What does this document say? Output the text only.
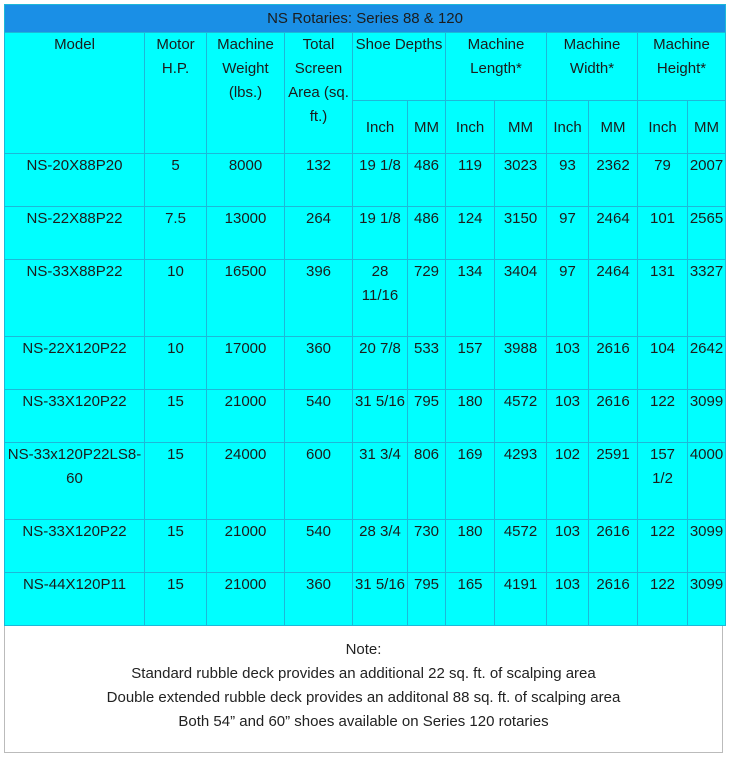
NS Rotaries: Series 88 & 120											
Model	Motor H.P.	Machine Weight (lbs.)	Total Screen Area (sq. ft.)	Shoe Depths		Machine Length*		Machine Width*		Machine Height*	
				Inch	MM	Inch	MM	Inch	MM	Inch	MM
NS-20X88P20	5	8000	132	19 1/8	486	119	3023	93	2362	79	2007
NS-22X88P22	7.5	13000	264	19 1/8	486	124	3150	97	2464	101	2565
NS-33X88P22	10	16500	396	28 11/16	729	134	3404	97	2464	131	3327
NS-22X120P22	10	17000	360	20 7/8	533	157	3988	103	2616	104	2642
NS-33X120P22	15	21000	540	31 5/16	795	180	4572	103	2616	122	3099
NS-33x120P22LS8-60	15	24000	600	31 3/4	806	169	4293	102	2591	157 1/2	4000
NS-33X120P22	15	21000	540	28 3/4	730	180	4572	103	2616	122	3099
NS-44X120P11	15	21000	360	31 5/16	795	165	4191	103	2616	122	3099
Note:
Standard rubble deck provides an additional 22 sq. ft. of scalping area
Double extended rubble deck provides an additonal 88 sq. ft. of scalping area
Both 54” and 60” shoes available on Series 120 rotaries
